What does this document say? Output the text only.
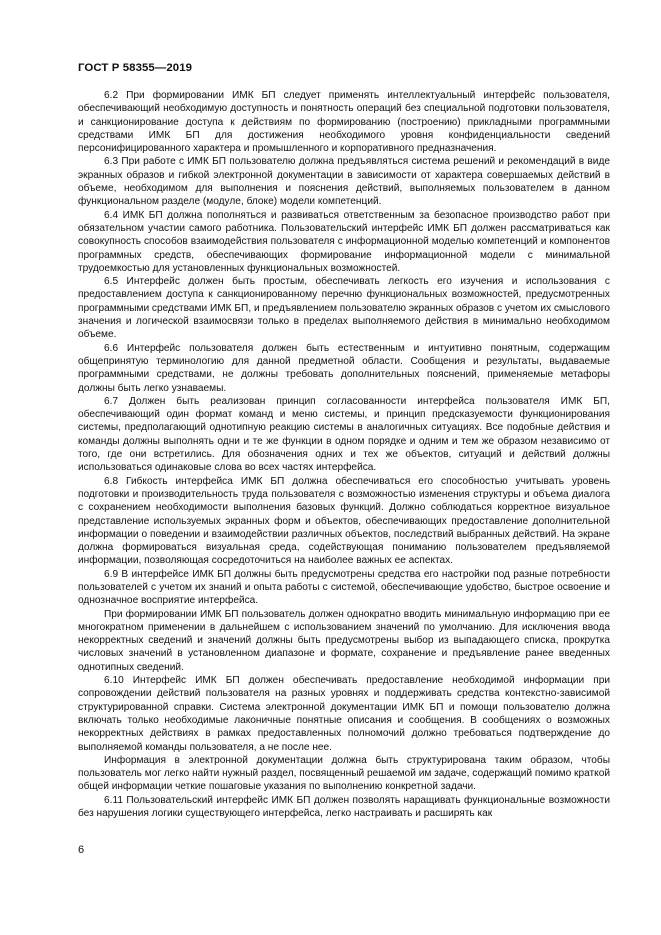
ГОСТ Р 58355—2019

6.2 При формировании ИМК БП следует применять интеллектуальный интерфейс пользователя, обеспечивающий необходимую доступность и понятность операций без специальной подготовки пользователя, и санкционирование доступа к действиям по формированию (построению) прикладными программными средствами ИМК БП для достижения необходимого уровня конфиденциальности сведений персонифицированного характера и промышленного и корпоративного предназначения.

6.3 При работе с ИМК БП пользователю должна предъявляться система решений и рекомендаций в виде экранных образов и гибкой электронной документации в зависимости от характера совершаемых действий в объеме, необходимом для выполнения и пояснения действий, выполняемых пользователем в данном функциональном разделе (модуле, блоке) модели компетенций.

6.4 ИМК БП должна пополняться и развиваться ответственным за безопасное производство работ при обязательном участии самого работника. Пользовательский интерфейс ИМК БП должен рассматриваться как совокупность способов взаимодействия пользователя с информационной моделью компетенций и компонентов программных средств, обеспечивающих формирование информационной модели с минимальной трудоемкостью для установленных функциональных возможностей.

6.5 Интерфейс должен быть простым, обеспечивать легкость его изучения и использования с предоставлением доступа к санкционированному перечню функциональных возможностей, предусмотренных программными средствами ИМК БП, и предъявлением пользователю экранных образов с учетом их смыслового значения и логической взаимосвязи только в пределах выполняемого действия в минимально необходимом объеме.

6.6 Интерфейс пользователя должен быть естественным и интуитивно понятным, содержащим общепринятую терминологию для данной предметной области. Сообщения и результаты, выдаваемые программными средствами, не должны требовать дополнительных пояснений, применяемые метафоры должны быть легко узнаваемы.

6.7 Должен быть реализован принцип согласованности интерфейса пользователя ИМК БП, обеспечивающий один формат команд и меню системы, и принцип предсказуемости функционирования системы, предполагающий однотипную реакцию системы в аналогичных ситуациях. Все подобные действия и команды должны выполнять одни и те же функции в одном порядке и одним и тем же образом независимо от того, где они встретились. Для обозначения одних и тех же объектов, ситуаций и действий должны использоваться одинаковые слова во всех частях интерфейса.

6.8 Гибкость интерфейса ИМК БП должна обеспечиваться его способностью учитывать уровень подготовки и производительность труда пользователя с возможностью изменения структуры и объема диалога с сохранением необходимости выполнения базовых функций. Должно соблюдаться корректное визуальное представление используемых экранных форм и объектов, обеспечивающих предоставление дополнительной информации о поведении и взаимодействии различных объектов, последствий выбранных действий. На экране должна формироваться визуальная среда, содействующая пониманию пользователем предъявляемой информации, позволяющая сосредоточиться на наиболее важных ее аспектах.

6.9 В интерфейсе ИМК БП должны быть предусмотрены средства его настройки под разные потребности пользователей с учетом их знаний и опыта работы с системой, обеспечивающие удобство, быстрое освоение и однозначное восприятие интерфейса.

При формировании ИМК БП пользователь должен однократно вводить минимальную информацию при ее многократном применении в дальнейшем с использованием значений по умолчанию. Для исключения ввода некорректных сведений и значений должны быть предусмотрены выбор из выпадающего списка, прокрутка числовых значений в установленном диапазоне и формате, сохранение и предъявление ранее введенных однотипных сведений.

6.10 Интерфейс ИМК БП должен обеспечивать предоставление необходимой информации при сопровождении действий пользователя на разных уровнях и поддерживать средства контекстно-зависимой структурированной справки. Система электронной документации ИМК БП и помощи пользователю должна включать только необходимые лаконичные понятные описания и сообщения. В сообщениях о возможных некорректных действиях в рамках предоставленных полномочий должно требоваться подтверждение до выполняемой команды пользователя, а не после нее.

Информация в электронной документации должна быть структурирована таким образом, чтобы пользователь мог легко найти нужный раздел, посвященный решаемой им задаче, содержащий помимо краткой общей информации четкие пошаговые указания по выполнению конкретной задачи.

6.11 Пользовательский интерфейс ИМК БП должен позволять наращивать функциональные возможности без нарушения логики существующего интерфейса, легко настраивать и расширять как

6
